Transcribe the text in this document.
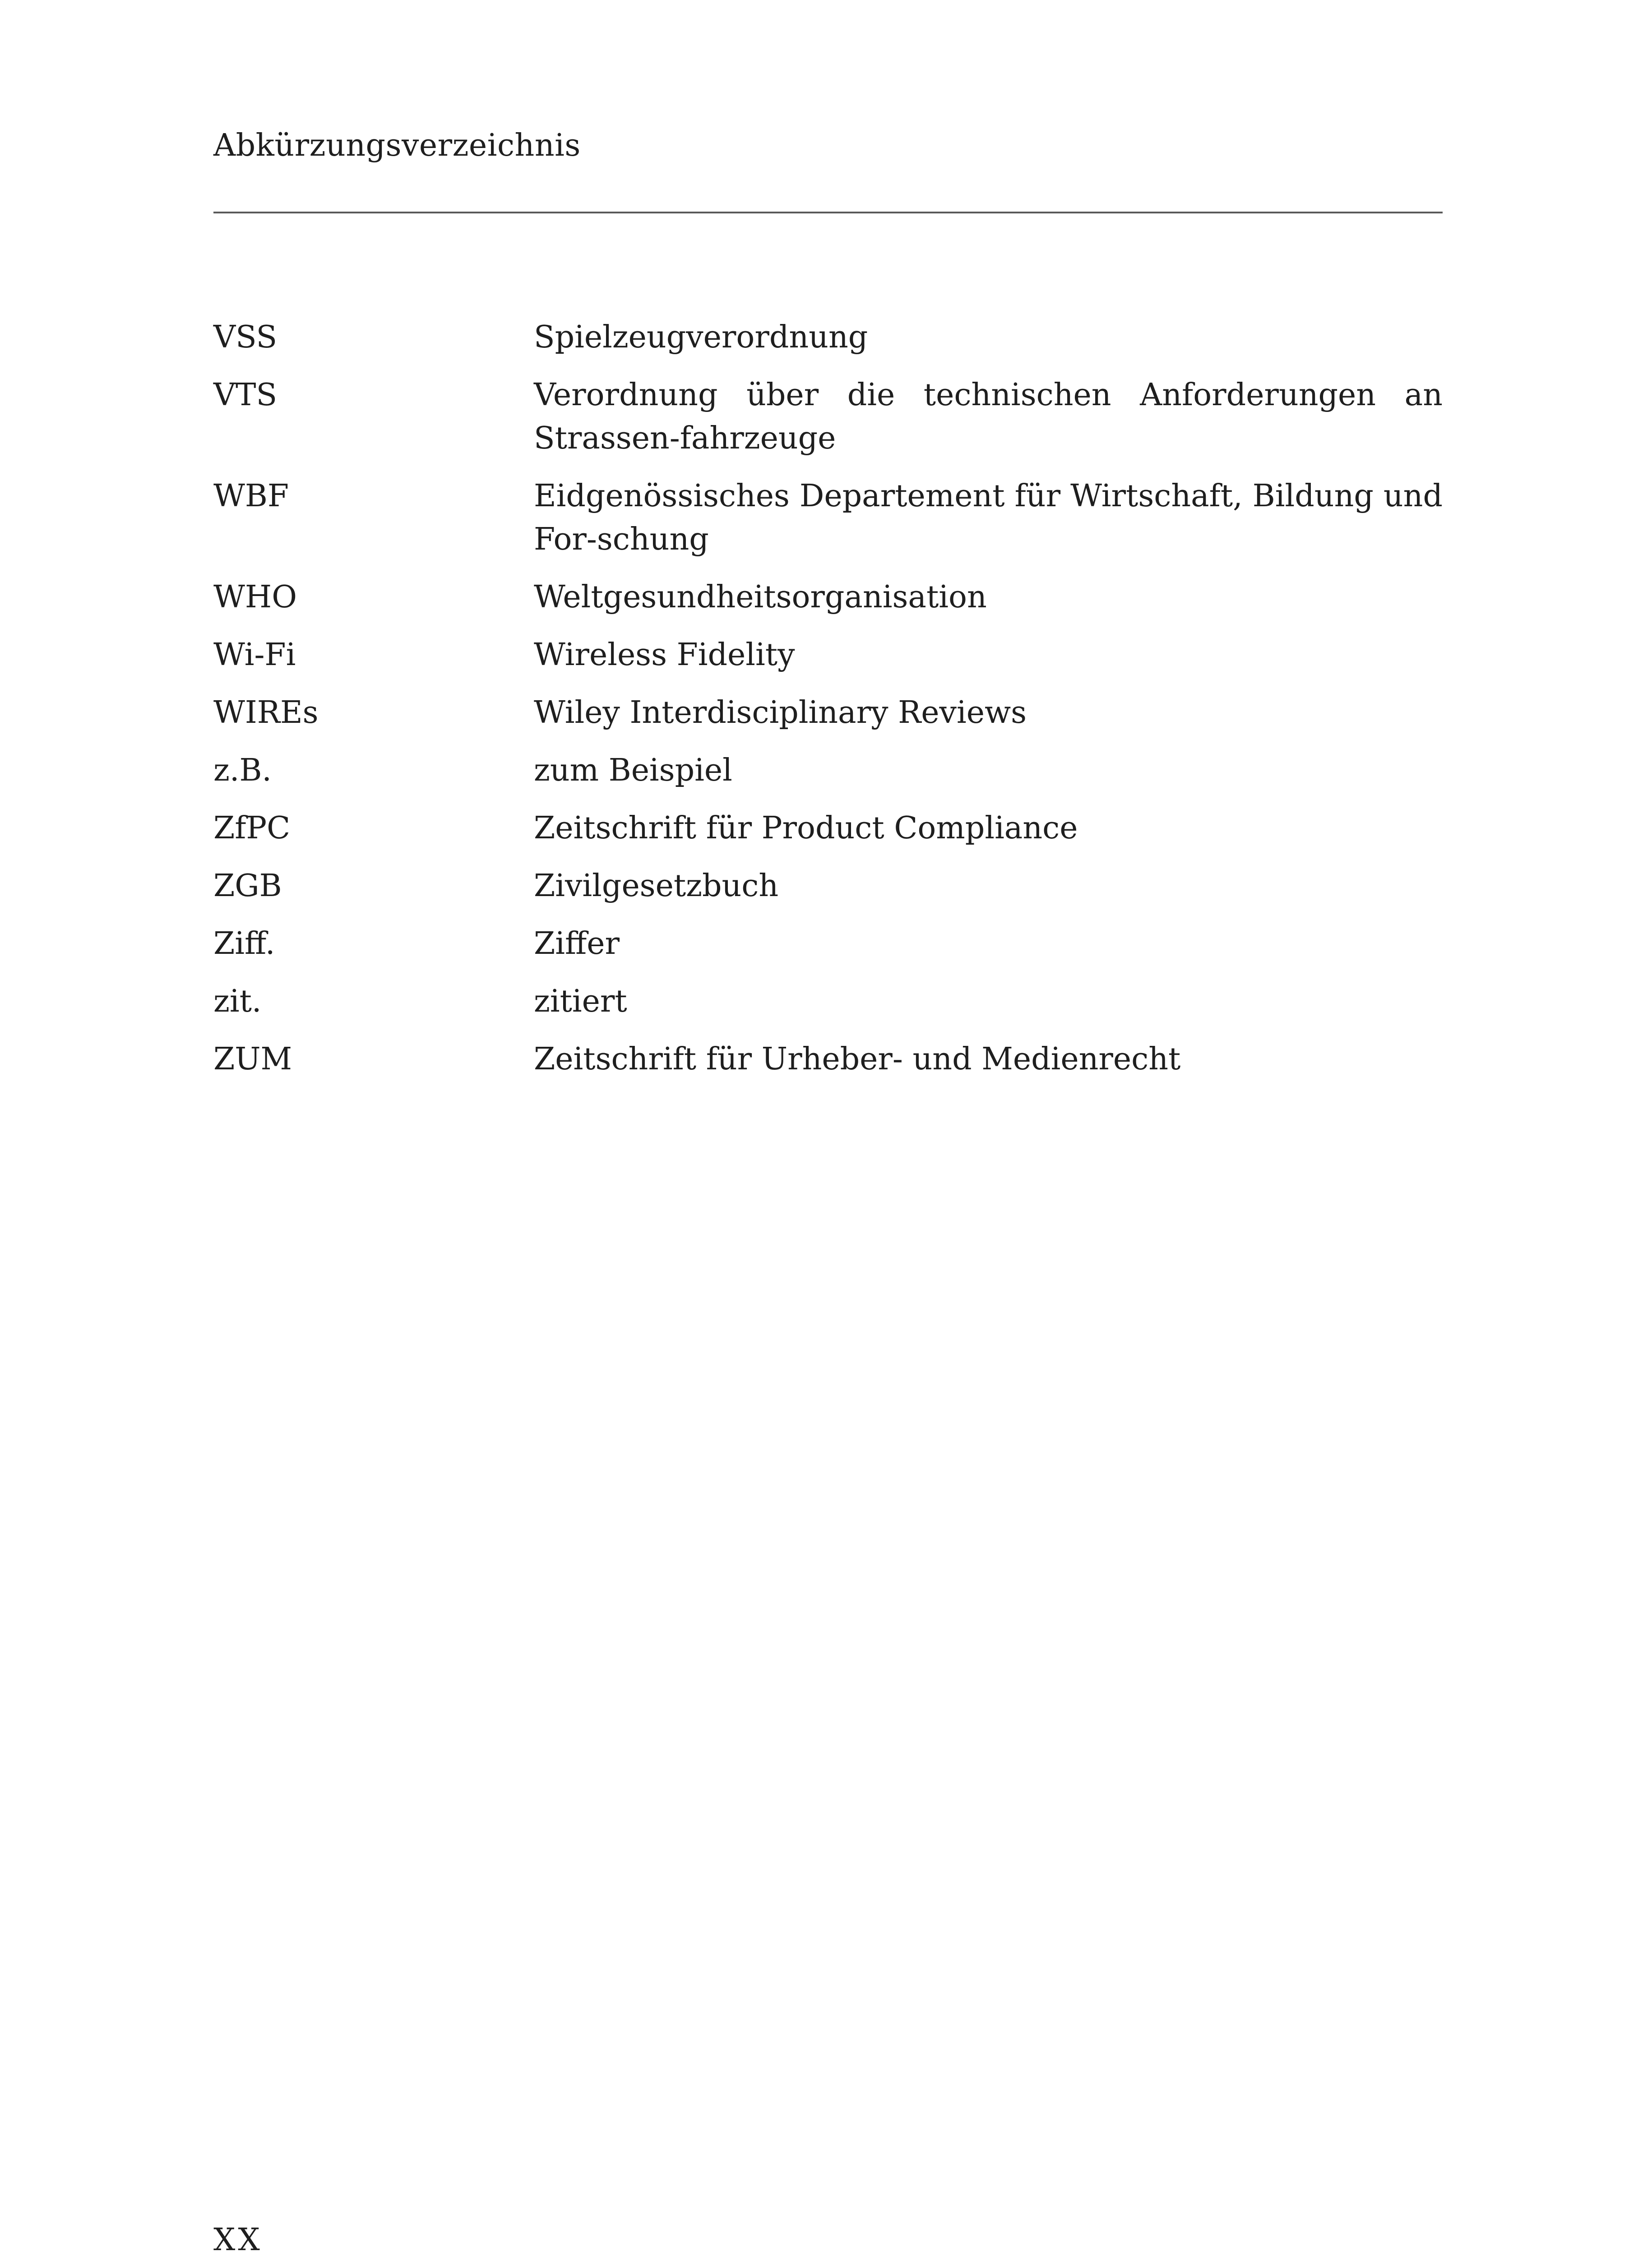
Abkürzungsverzeichnis
VSS	Spielzeugverordnung
VTS	Verordnung über die technischen Anforderungen an Strassen-fahrzeuge
WBF	Eidgenössisches Departement für Wirtschaft, Bildung und For-schung
WHO	Weltgesundheitsorganisation
Wi-Fi	Wireless Fidelity
WIREs	Wiley Interdisciplinary Reviews
z.B.	zum Beispiel
ZfPC	Zeitschrift für Product Compliance
ZGB	Zivilgesetzbuch
Ziff.	Ziffer
zit.	zitiert
ZUM	Zeitschrift für Urheber- und Medienrecht
XX
